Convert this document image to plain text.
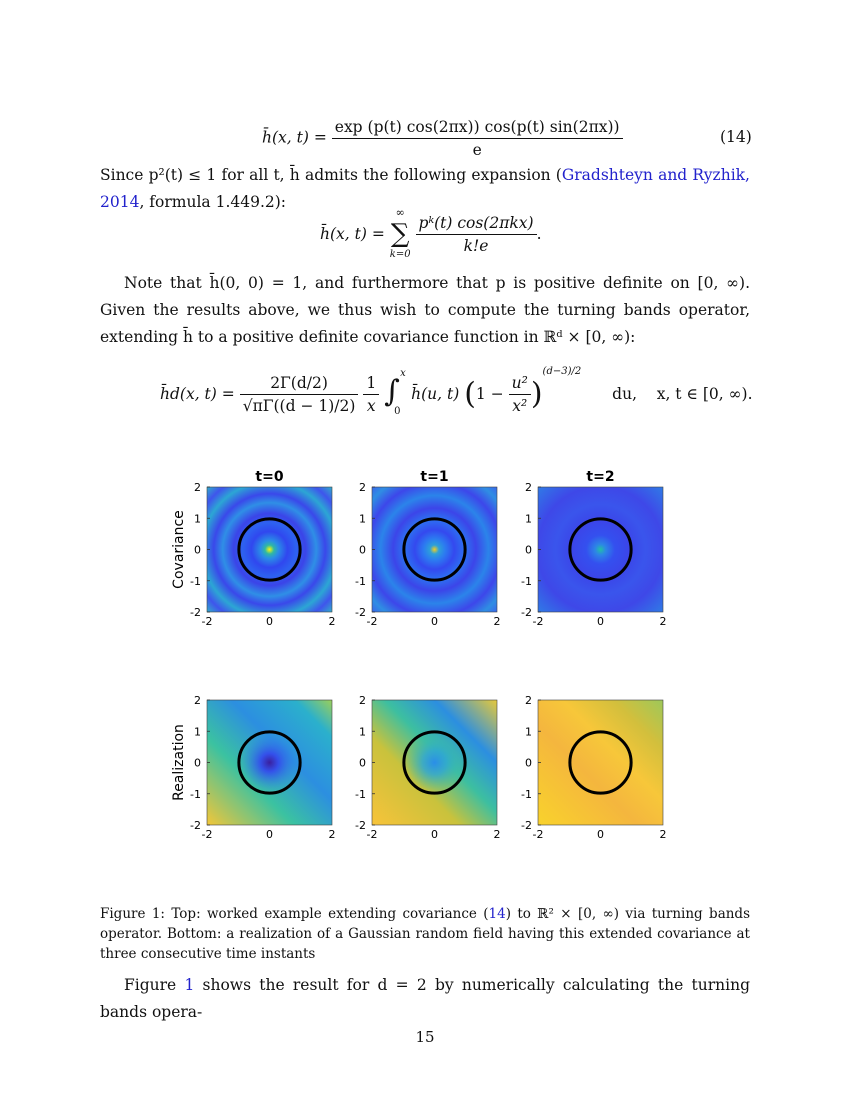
h̄(x, $t) = \frac{\exp (p(t) \cos(2\pi x)) \cos(p(t) \sin(2\pi x))}{e}$	(14)
Since p²(t) ≤ 1 for all t, h̄ admits the following expansion (Gradshteyn and Ryzhik, 2014, formula 1.449.2):
h̄(x, t) =
∞
∑
k=0
$\frac{\text{pᵏ(t) cos(2πkx)}}{k!e}$ .
Note that h̄(0, 0) = 1, and furthermore that p is positive definite on [0, ∞). Given the results above, we thus wish to compute the turning bands operator, extending h̄ to a positive definite covariance function in ℝᵈ × [0, ∞):
h̄d(x, $t) = \frac{2\Gamma(d/2)}{√\pi\Gamma((d - 1)/2)}$
$\frac{1}{x}$
∫
x
0
h̄(u, t) $(1 - \frac{\text{u²}}{\text{x²}} )^{(d-3)/2}$ du,    x, t ∈ [0, ∞).
Covariance
2
1
0
-1
-2
-2	0	2
t=0
2
1
0
-1
-2
-2	0	2
t=1
2
1
0
-1
-2
-2	0	2
t=2
Realization
2
1
0
-1
-2
-2	0	2
2
1
0
-1
-2
-2	0	2
2
1
0
-1
-2
-2	0	2
Figure 1: Top: worked example extending covariance (14) to ℝ² × [0, ∞) via turning bands operator. Bottom: a realization of a Gaussian random field having this extended covariance at three consecutive time instants
Figure 1 shows the result for d = 2 by numerically calculating the turning bands opera-
15
